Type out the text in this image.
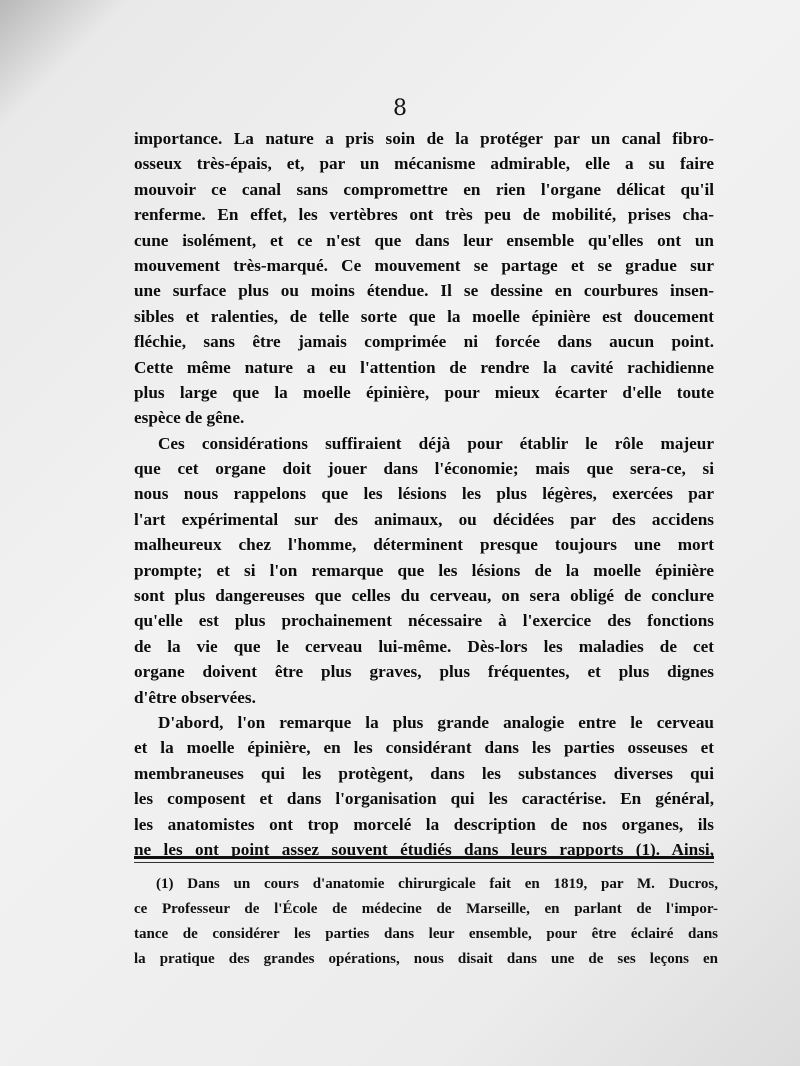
8
importance. La nature a pris soin de la protéger par un canal fibro-
osseux très-épais, et, par un mécanisme admirable, elle a su faire
mouvoir ce canal sans compromettre en rien l'organe délicat qu'il
renferme. En effet, les vertèbres ont très peu de mobilité, prises cha-
cune isolément, et ce n'est que dans leur ensemble qu'elles ont un
mouvement très-marqué. Ce mouvement se partage et se gradue sur
une surface plus ou moins étendue. Il se dessine en courbures insen-
sibles et ralenties, de telle sorte que la moelle épinière est doucement
fléchie, sans être jamais comprimée ni forcée dans aucun point.
Cette même nature a eu l'attention de rendre la cavité rachidienne
plus large que la moelle épinière, pour mieux écarter d'elle toute
espèce de gêne.
Ces considérations suffiraient déjà pour établir le rôle majeur
que cet organe doit jouer dans l'économie; mais que sera-ce, si
nous nous rappelons que les lésions les plus légères, exercées par
l'art expérimental sur des animaux, ou décidées par des accidens
malheureux chez l'homme, déterminent presque toujours une mort
prompte; et si l'on remarque que les lésions de la moelle épinière
sont plus dangereuses que celles du cerveau, on sera obligé de conclure
qu'elle est plus prochainement nécessaire à l'exercice des fonctions
de la vie que le cerveau lui-même. Dès-lors les maladies de cet
organe doivent être plus graves, plus fréquentes, et plus dignes
d'être observées.
D'abord, l'on remarque la plus grande analogie entre le cerveau
et la moelle épinière, en les considérant dans les parties osseuses et
membraneuses qui les protègent, dans les substances diverses qui
les composent et dans l'organisation qui les caractérise. En général,
les anatomistes ont trop morcelé la description de nos organes, ils
ne les ont point assez souvent étudiés dans leurs rapports (1). Ainsi,
(1) Dans un cours d'anatomie chirurgicale fait en 1819, par M. Ducros,
ce Professeur de l'École de médecine de Marseille, en parlant de l'impor-
tance de considérer les parties dans leur ensemble, pour être éclairé dans
la pratique des grandes opérations, nous disait dans une de ses leçons en
